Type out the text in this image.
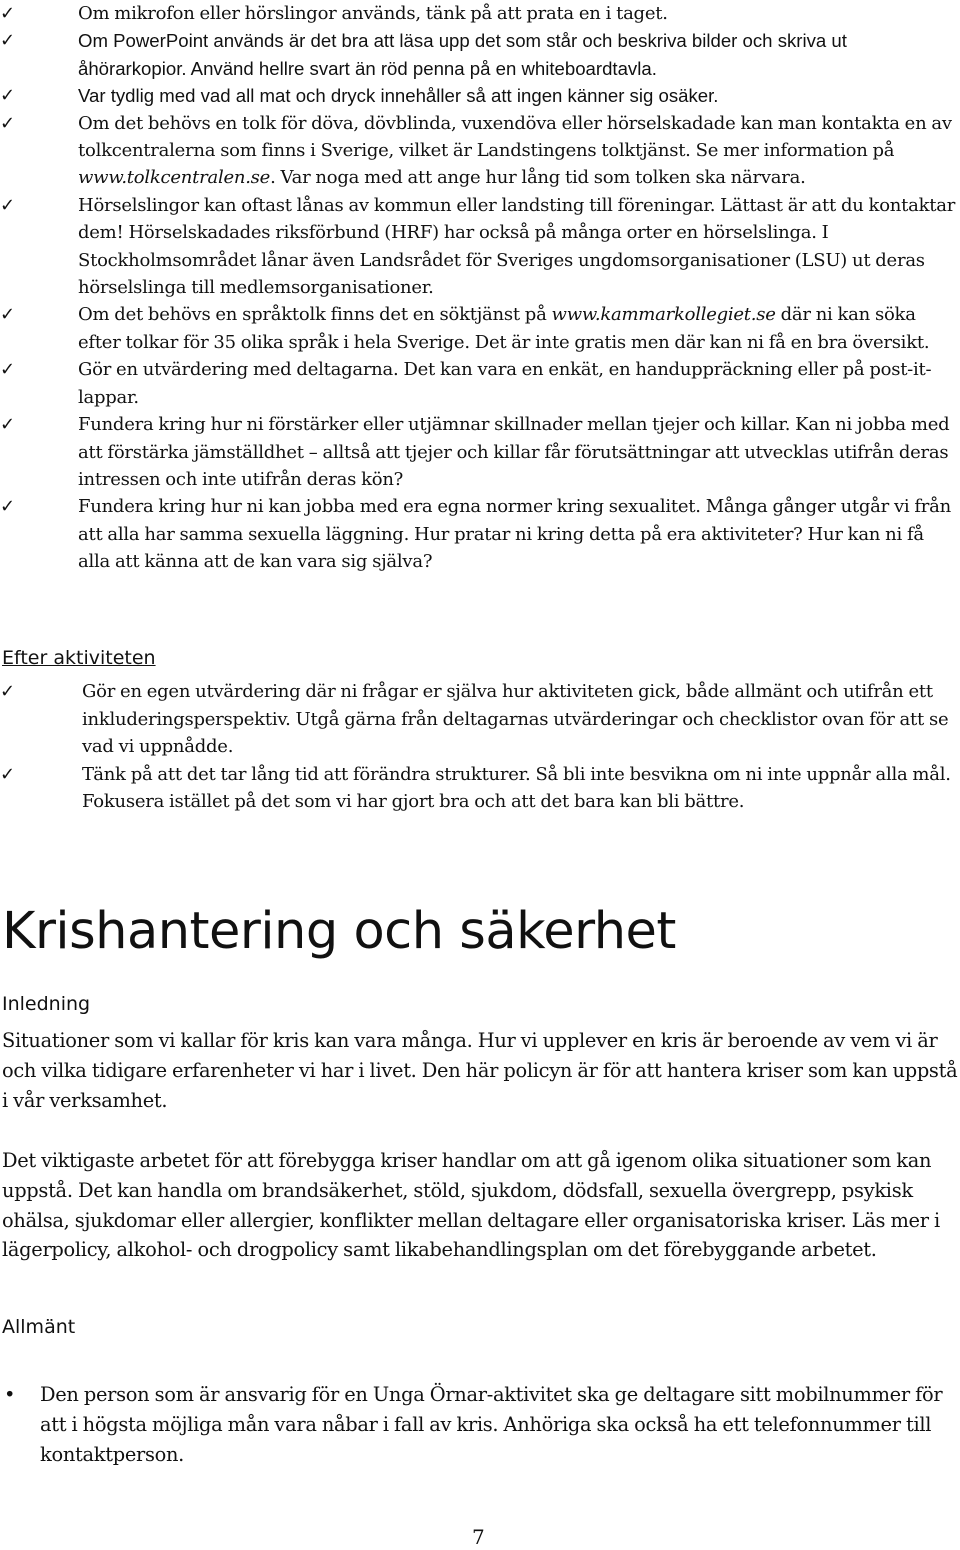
✓	Om mikrofon eller hörslingor används, tänk på att prata en i taget.
✓	Om PowerPoint används är det bra att läsa upp det som står och beskriva bilder och skriva ut åhörarkopior. Använd hellre svart än röd penna på en whiteboardtavla.
✓	Var tydlig med vad all mat och dryck innehåller så att ingen känner sig osäker.
✓	Om det behövs en tolk för döva, dövblinda, vuxendöva eller hörselskadade kan man kontakta en av tolkcentralerna som finns i Sverige, vilket är Landstingens tolktjänst. Se mer information på www.tolkcentralen.se. Var noga med att ange hur lång tid som tolken ska närvara.
✓	Hörselslingor kan oftast lånas av kommun eller landsting till föreningar. Lättast är att du kontaktar dem! Hörselskadades riksförbund (HRF) har också på många orter en hörselslinga. I Stockholmsområdet lånar även Landsrådet för Sveriges ungdomsorganisationer (LSU) ut deras hörselslinga till medlemsorganisationer.
✓	Om det behövs en språktolk finns det en söktjänst på www.kammarkollegiet.se där ni kan söka efter tolkar för 35 olika språk i hela Sverige. Det är inte gratis men där kan ni få en bra översikt.
✓	Gör en utvärdering med deltagarna. Det kan vara en enkät, en handuppräckning eller på post-it-lappar.
✓	Fundera kring hur ni förstärker eller utjämnar skillnader mellan tjejer och killar. Kan ni jobba med att förstärka jämställdhet – alltså att tjejer och killar får förutsättningar att utvecklas utifrån deras intressen och inte utifrån deras kön?
✓	Fundera kring hur ni kan jobba med era egna normer kring sexualitet. Många gånger utgår vi från att alla har samma sexuella läggning. Hur pratar ni kring detta på era aktiviteter? Hur kan ni få alla att känna att de kan vara sig själva?
Efter aktiviteten
✓	Gör en egen utvärdering där ni frågar er själva hur aktiviteten gick, både allmänt och utifrån ett inkluderingsperspektiv. Utgå gärna från deltagarnas utvärderingar och checklistor ovan för att se vad vi uppnådde.
✓	Tänk på att det tar lång tid att förändra strukturer. Så bli inte besvikna om ni inte uppnår alla mål. Fokusera istället på det som vi har gjort bra och att det bara kan bli bättre.
Krishantering och säkerhet
Inledning

Situationer som vi kallar för kris kan vara många. Hur vi upplever en kris är beroende av vem vi är och vilka tidigare erfarenheter vi har i livet. Den här policyn är för att hantera kriser som kan uppstå i vår verksamhet.

Det viktigaste arbetet för att förebygga kriser handlar om att gå igenom olika situationer som kan uppstå. Det kan handla om brandsäkerhet, stöld, sjukdom, dödsfall, sexuella övergrepp, psykisk ohälsa, sjukdomar eller allergier, konflikter mellan deltagare eller organisatoriska kriser. Läs mer i lägerpolicy, alkohol- och drogpolicy samt likabehandlingsplan om det förebyggande arbetet.

Allmänt
• Den person som är ansvarig för en Unga Örnar-aktivitet ska ge deltagare sitt mobilnummer för att i högsta möjliga mån vara nåbar i fall av kris. Anhöriga ska också ha ett telefonnummer till kontaktperson.
7
